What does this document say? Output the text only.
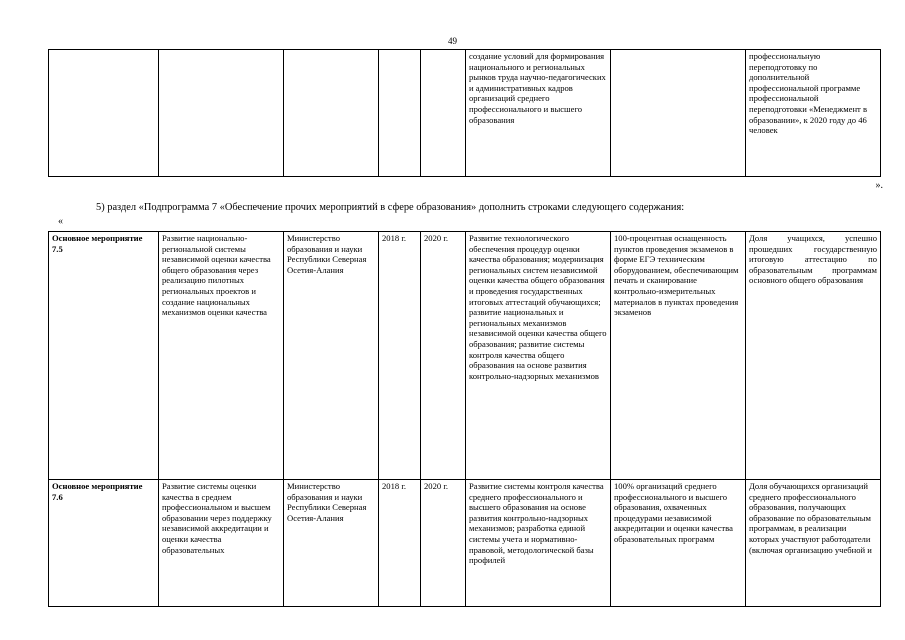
49
					создание условий для формирования национального и региональных рынков труда научно-педагогических и административных кадров организаций среднего профессионального и высшего образования		профессиональную переподготовку по дополнительной профессиональной программе профессиональной переподготовки «Менеджмент в образовании», к 2020 году до 46 человек
».
5) раздел «Подпрограмма 7 «Обеспечение прочих мероприятий в сфере образования» дополнить строками следующего содержания:
«
Основное мероприятие 7.5	Развитие национально-региональной системы независимой оценки качества общего образования через реализацию пилотных региональных проектов и создание национальных механизмов оценки качества	Министерство образования и науки Республики Северная Осетия-Алания	2018 г.	2020 г.	Развитие технологического обеспечения процедур оценки качества образования; модернизация региональных систем независимой оценки качества общего образования и проведения государственных итоговых аттестаций обучающихся; развитие национальных и региональных механизмов независимой оценки качества общего образования; развитие системы контроля качества общего образования на основе развития контрольно-надзорных механизмов	100-процентная оснащенность пунктов проведения экзаменов в форме ЕГЭ техническим оборудованием, обеспечивающим печать и сканирование контрольно-измерительных материалов в пунктах проведения экзаменов	Доля учащихся, успешно прошедших государственную итоговую аттестацию по образовательным программам основного общего образования
Основное мероприятие 7.6	Развитие системы оценки качества в среднем профессиональном и высшем образовании через поддержку независимой аккредитации и оценки качества образовательных	Министерство образования и науки Республики Северная Осетия-Алания	2018 г.	2020 г.	Развитие системы контроля качества среднего профессионального и высшего образования на основе развития контрольно-надзорных механизмов; разработка единой системы учета и нормативно-правовой, методологической базы профилей	100% организаций среднего профессионального и высшего образования, охваченных процедурами независимой аккредитации и оценки качества образовательных программ	Доля обучающихся организаций среднего профессионального образования, получающих образование по образовательным программам, в реализации которых участвуют работодатели (включая организацию учебной и
